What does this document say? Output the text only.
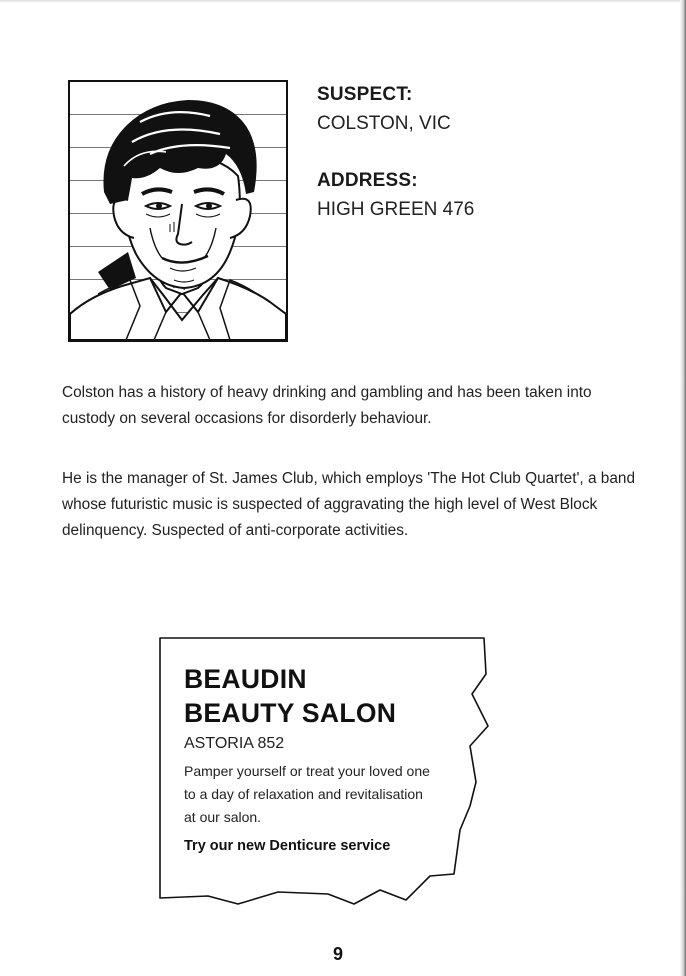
SUSPECT:
COLSTON, VIC
ADDRESS:
HIGH GREEN 476

Colston has a history of heavy drinking and gambling and has been taken into custody on several occasions for disorderly behaviour.

He is the manager of St. James Club, which employs 'The Hot Club Quartet', a band whose futuristic music is suspected of aggravating the high level of West Block delinquency. Suspected of anti-corporate activities.

BEAUDIN
BEAUTY SALON
ASTORIA 852
Pamper yourself or treat your loved one to a day of relaxation and revitalisation at our salon.
Try our new Denticure service
9
